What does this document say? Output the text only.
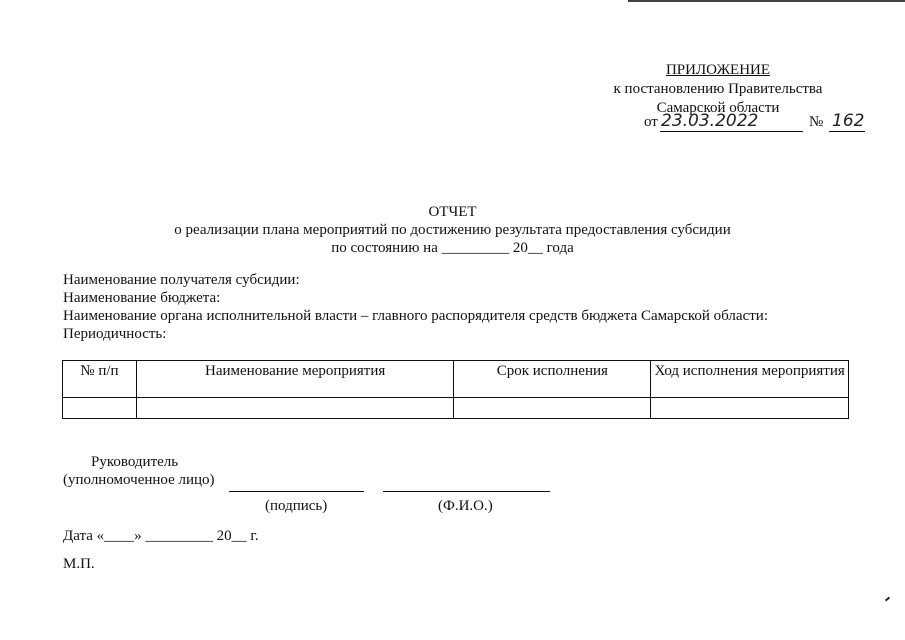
ПРИЛОЖЕНИЕ
к постановлению Правительства
Самарской области
от 23.03.2022	№ 162
ОТЧЕТ
о реализации плана мероприятий по достижению результата предоставления субсидии
по состоянию на _________ 20__ года
Наименование получателя субсидии:
Наименование бюджета:
Наименование органа исполнительной власти – главного распорядителя средств бюджета Самарской области:
Периодичность:
№ п/п	Наименование мероприятия	Срок исполнения	Ход исполнения мероприятия

Руководитель
(уполномоченное лицо)
(подпись)	(Ф.И.О.)
Дата «____» _________ 20__ г.
М.П.
